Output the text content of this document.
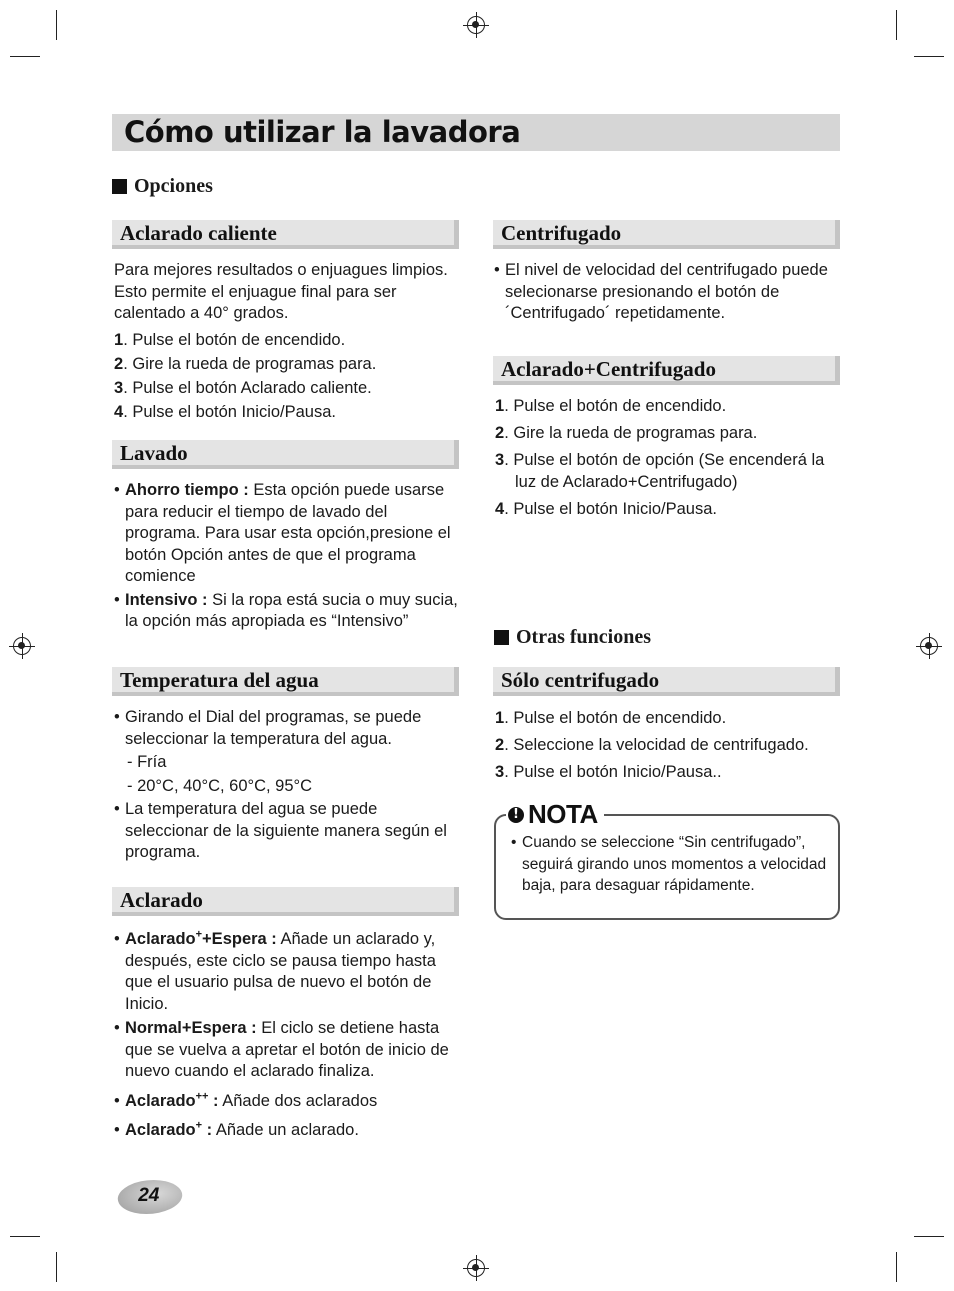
Cómo utilizar la lavadora
Opciones
Aclarado caliente

Para mejores resultados o enjuagues limpios. Esto permite el enjuague final para ser calentado a 40° grados.

1. Pulse el botón de encendido.

2. Gire la rueda de programas para.

3. Pulse el botón Aclarado caliente.

4. Pulse el botón Inicio/Pausa.

Lavado

• Ahorro tiempo : Esta opción puede usarse para reducir el tiempo de lavado del programa. Para usar esta opción,presione el botón Opción antes de que el programa comience

• Intensivo : Si la ropa está sucia o muy sucia, la opción más apropiada es “Intensivo”

Temperatura del agua

• Girando el Dial del programas, se puede seleccionar la temperatura del agua.

- Fría

- 20°C, 40°C, 60°C, 95°C

• La temperatura del agua se puede seleccionar de la siguiente manera según el programa.

Aclarado

• Aclarado++Espera : Añade un aclarado y, después, este ciclo se pausa tiempo hasta que el usuario pulsa de nuevo el botón de Inicio.

• Normal+Espera : El ciclo se detiene hasta que se vuelva a apretar el botón de inicio de nuevo cuando el aclarado finaliza.

• Aclarado++ : Añade dos aclarados

• Aclarado+ : Añade un aclarado.

Centrifugado

• El nivel de velocidad del centrifugado puede selecionarse presionando el botón de´Centrifugado´ repetidamente.

Aclarado+Centrifugado

1. Pulse el botón de encendido.

2. Gire la rueda de programas para.

3. Pulse el botón de opción (Se encenderá la luz de Aclarado+Centrifugado)

4. Pulse el botón Inicio/Pausa.

Otras funciones
Sólo centrifugado

1. Pulse el botón de encendido.

2. Seleccione la velocidad de centrifugado.

3. Pulse el botón Inicio/Pausa..

! NOTA

• Cuando se seleccione “Sin centrifugado”, seguirá girando unos momentos a velocidad baja, para desaguar rápidamente.

24
